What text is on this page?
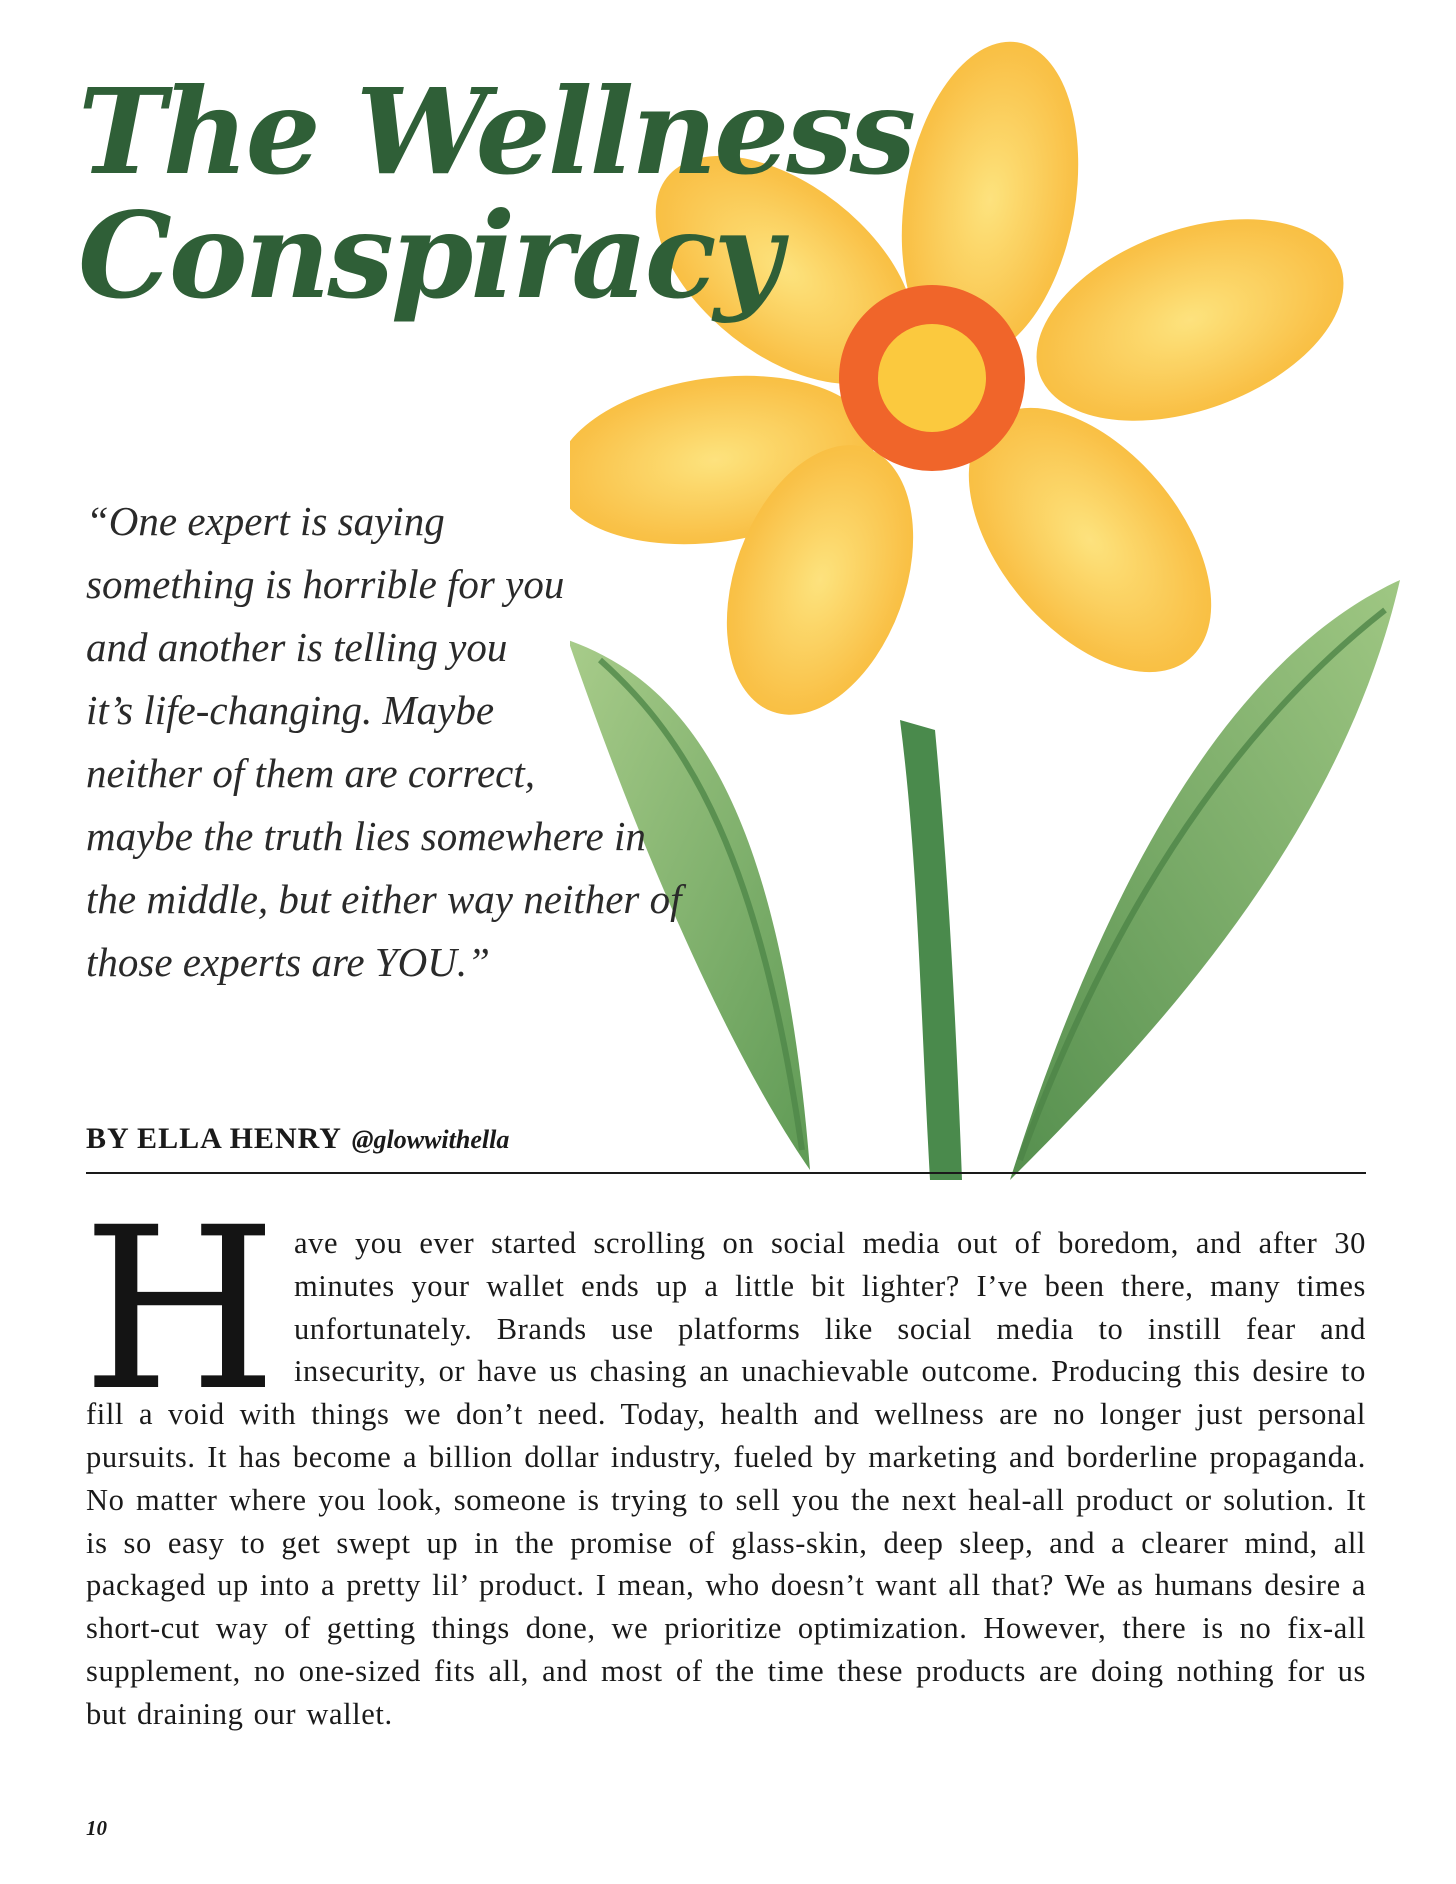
The Wellness
Conspiracy
“One expert is saying
something is horrible for you
and another is telling you
it’s life-changing. Maybe
neither of them are correct,
maybe the truth lies somewhere in
the middle, but either way neither of
those experts are YOU.”
BY ELLA HENRY @glowwithella
H ave you ever started scrolling on social media out of boredom, and after 30 minutes your wallet ends up a little bit lighter? I’ve been there, many times unfortunately. Brands use platforms like social media to instill fear and insecurity, or have us chasing an unachievable outcome. Producing this desire to fill a void with things we don’t need. Today, health and wellness are no longer just personal pursuits. It has become a billion dollar industry, fueled by marketing and borderline propaganda. No matter where you look, someone is trying to sell you the next heal-all product or solution. It is so easy to get swept up in the promise of glass-skin, deep sleep, and a clearer mind, all packaged up into a pretty lil’ product. I mean, who doesn’t want all that? We as humans desire a short-cut way of getting things done, we prioritize optimization. However, there is no fix-all supplement, no one-sized fits all, and most of the time these products are doing nothing for us but draining our wallet.

10
